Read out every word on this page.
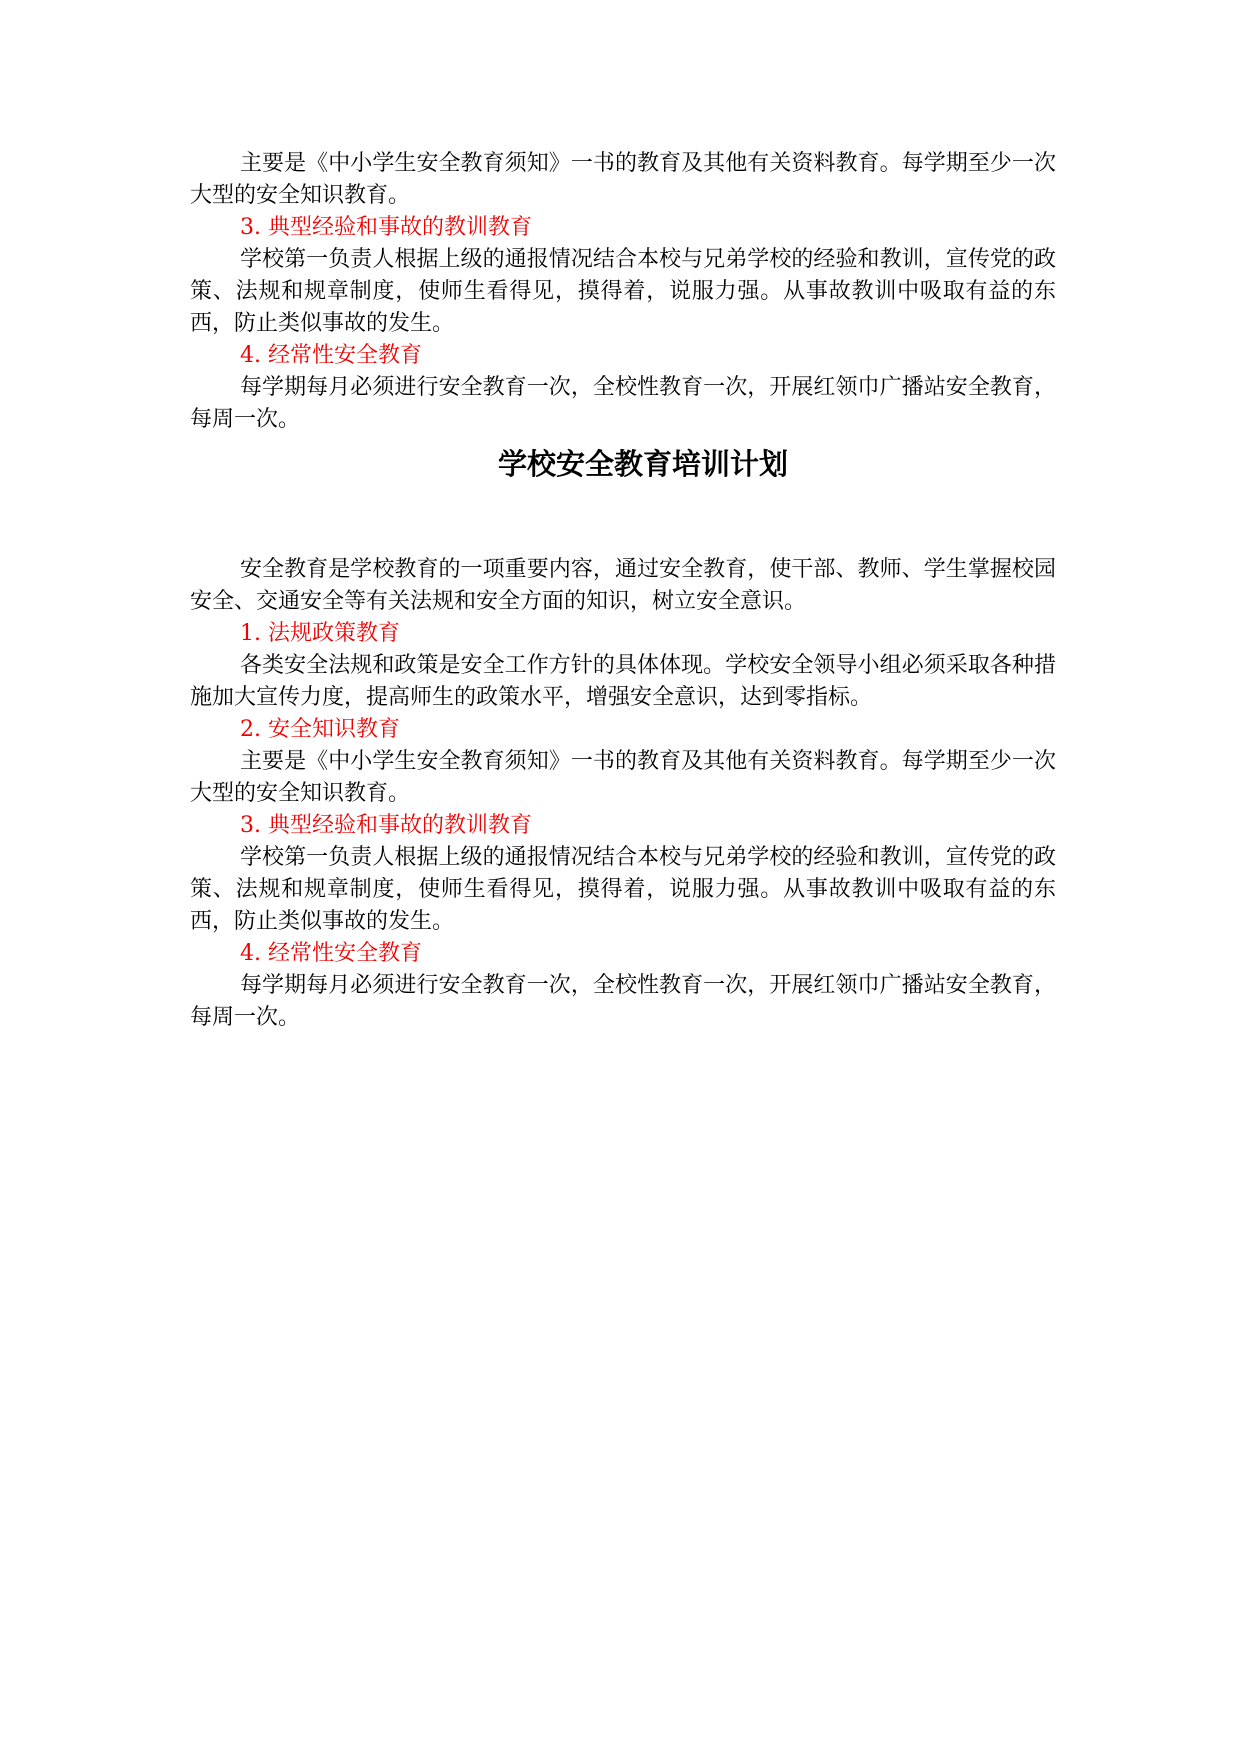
主要是《中小学生安全教育须知》一书的教育及其他有关资料教育。每学期至少一次大型的安全知识教育。

3. 典型经验和事故的教训教育

学校第一负责人根据上级的通报情况结合本校与兄弟学校的经验和教训，宣传党的政策、法规和规章制度，使师生看得见，摸得着，说服力强。从事故教训中吸取有益的东西，防止类似事故的发生。

4. 经常性安全教育

每学期每月必须进行安全教育一次，全校性教育一次，开展红领巾广播站安全教育，每周一次。

学校安全教育培训计划

安全教育是学校教育的一项重要内容，通过安全教育，使干部、教师、学生掌握校园安全、交通安全等有关法规和安全方面的知识，树立安全意识。

1. 法规政策教育

各类安全法规和政策是安全工作方针的具体体现。学校安全领导小组必须采取各种措施加大宣传力度，提高师生的政策水平，增强安全意识，达到零指标。

2. 安全知识教育

主要是《中小学生安全教育须知》一书的教育及其他有关资料教育。每学期至少一次大型的安全知识教育。

3. 典型经验和事故的教训教育

学校第一负责人根据上级的通报情况结合本校与兄弟学校的经验和教训，宣传党的政策、法规和规章制度，使师生看得见，摸得着，说服力强。从事故教训中吸取有益的东西，防止类似事故的发生。

4. 经常性安全教育

每学期每月必须进行安全教育一次，全校性教育一次，开展红领巾广播站安全教育，每周一次。
